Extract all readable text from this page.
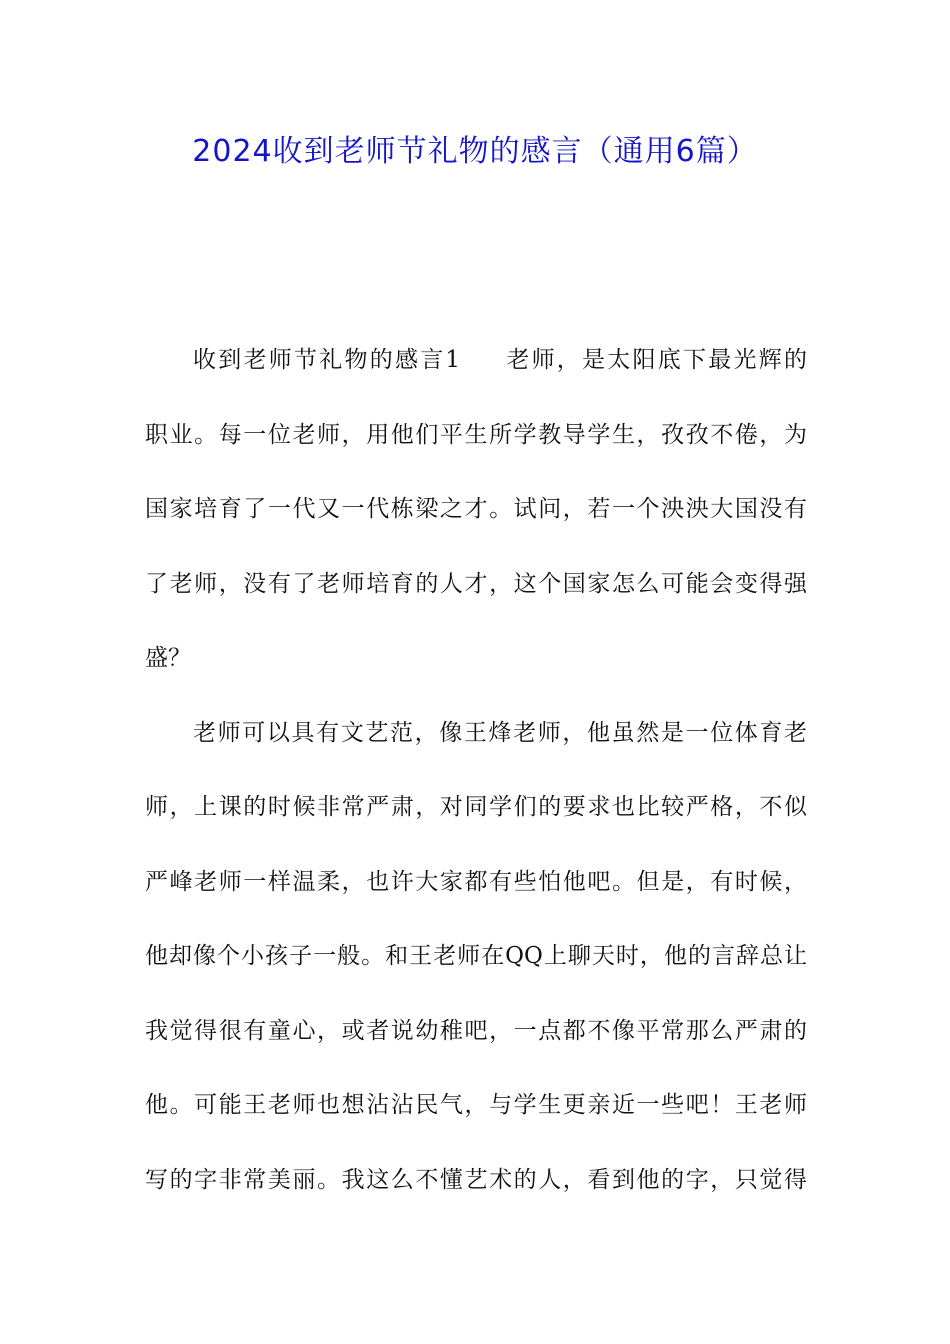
2024收到老师节礼物的感言（通用6篇）
收到老师节礼物的感言1 老师，是太阳底下最光辉的
职业。每一位老师，用他们平生所学教导学生，孜孜不倦，为
国家培育了一代又一代栋梁之才。试问，若一个泱泱大国没有
了老师，没有了老师培育的人才，这个国家怎么可能会变得强
盛？
老师可以具有文艺范，像王烽老师，他虽然是一位体育老
师，上课的时候非常严肃，对同学们的要求也比较严格，不似
严峰老师一样温柔，也许大家都有些怕他吧。但是，有时候，
他却像个小孩子一般。和王老师在QQ上聊天时，他的言辞总让
我觉得很有童心，或者说幼稚吧，一点都不像平常那么严肃的
他。可能王老师也想沾沾民气，与学生更亲近一些吧！王老师
写的字非常美丽。我这么不懂艺术的人，看到他的字，只觉得
